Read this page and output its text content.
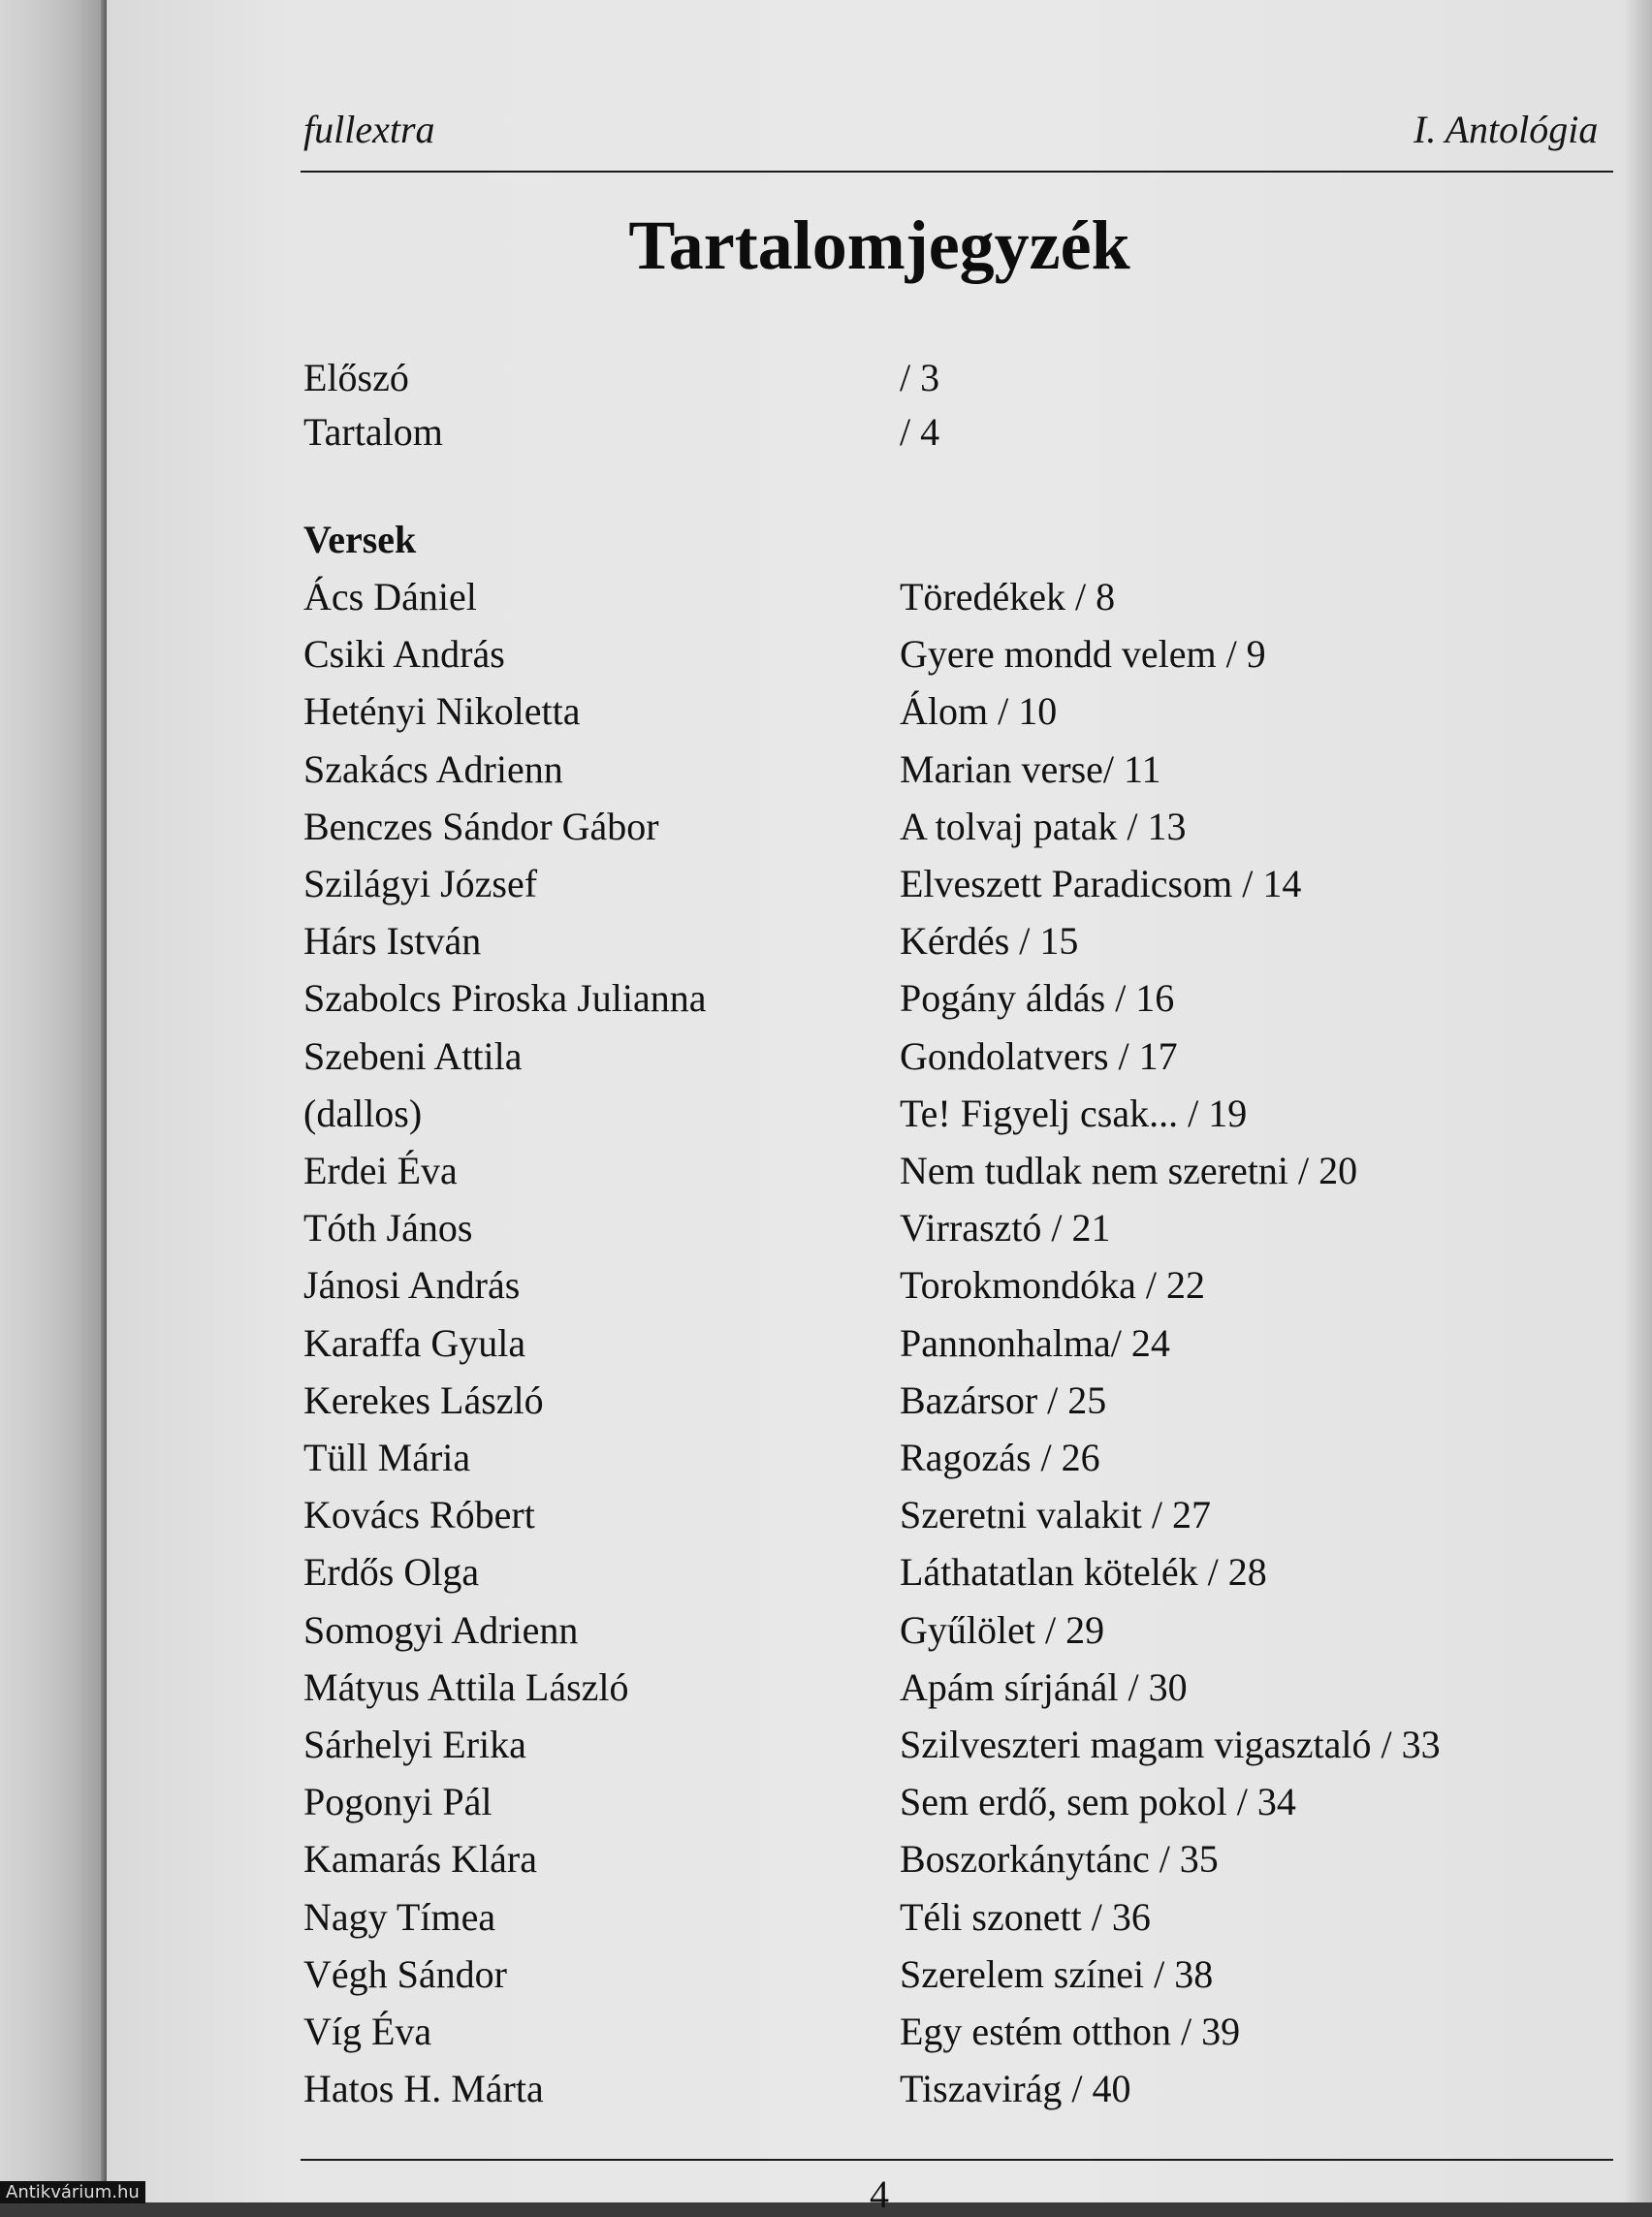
fullextra	I. Antológia
Tartalomjegyzék
Előszó	/ 3
Tartalom	/ 4
Versek
Ács Dániel	Töredékek / 8
Csiki András	Gyere mondd velem / 9
Hetényi Nikoletta	Álom / 10
Szakács Adrienn	Marian verse/ 11
Benczes Sándor Gábor	A tolvaj patak / 13
Szilágyi József	Elveszett Paradicsom / 14
Hárs István	Kérdés / 15
Szabolcs Piroska Julianna	Pogány áldás / 16
Szebeni Attila	Gondolatvers / 17
(dallos)	Te! Figyelj csak... / 19
Erdei Éva	Nem tudlak nem szeretni / 20
Tóth János	Virrasztó / 21
Jánosi András	Torokmondóka / 22
Karaffa Gyula	Pannonhalma/ 24
Kerekes László	Bazársor / 25
Tüll Mária	Ragozás / 26
Kovács Róbert	Szeretni valakit / 27
Erdős Olga	Láthatatlan kötelék / 28
Somogyi Adrienn	Gyűlölet / 29
Mátyus Attila László	Apám sírjánál / 30
Sárhelyi Erika	Szilveszteri magam vigasztaló / 33
Pogonyi Pál	Sem erdő, sem pokol / 34
Kamarás Klára	Boszorkánytánc / 35
Nagy Tímea	Téli szonett / 36
Végh Sándor	Szerelem színei / 38
Víg Éva	Egy estém otthon / 39
Hatos H. Márta	Tiszavirág / 40
4
Antikvárium.hu
